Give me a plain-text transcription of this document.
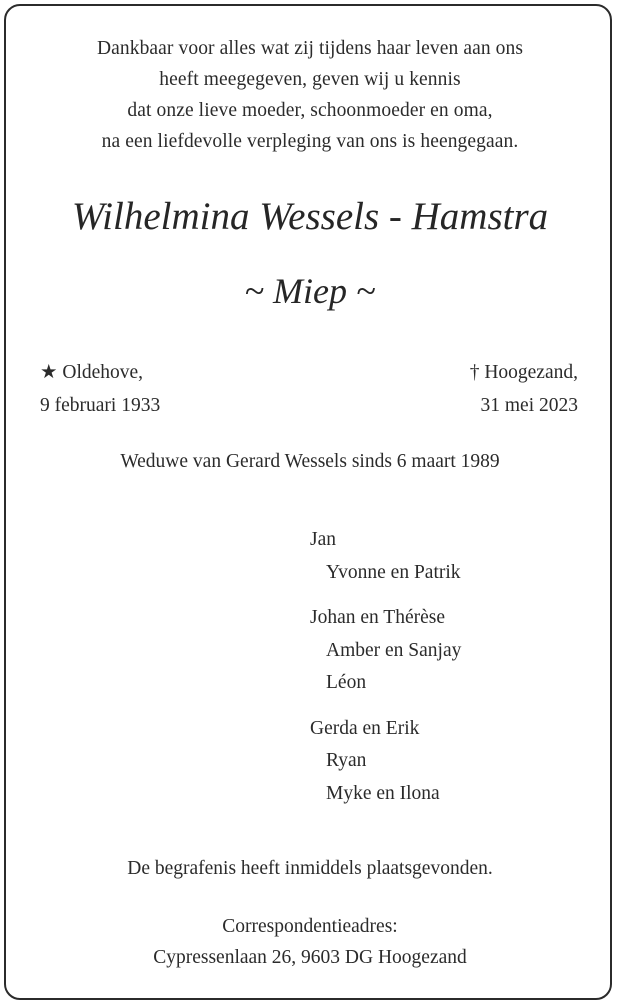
Dankbaar voor alles wat zij tijdens haar leven aan ons
heeft meegegeven, geven wij u kennis
dat onze lieve moeder, schoonmoeder en oma,
na een liefdevolle verpleging van ons is heengegaan.
Wilhelmina Wessels - Hamstra
~ Miep ~
★ Oldehove,
9 februari 1933
† Hoogezand,
31 mei 2023
Weduwe van Gerard Wessels sinds 6 maart 1989
Jan
Yvonne en Patrik
Johan en Thérèse
Amber en Sanjay
Léon
Gerda en Erik
Ryan
Myke en Ilona
De begrafenis heeft inmiddels plaatsgevonden.
Correspondentieadres:
Cypressenlaan 26, 9603 DG Hoogezand
